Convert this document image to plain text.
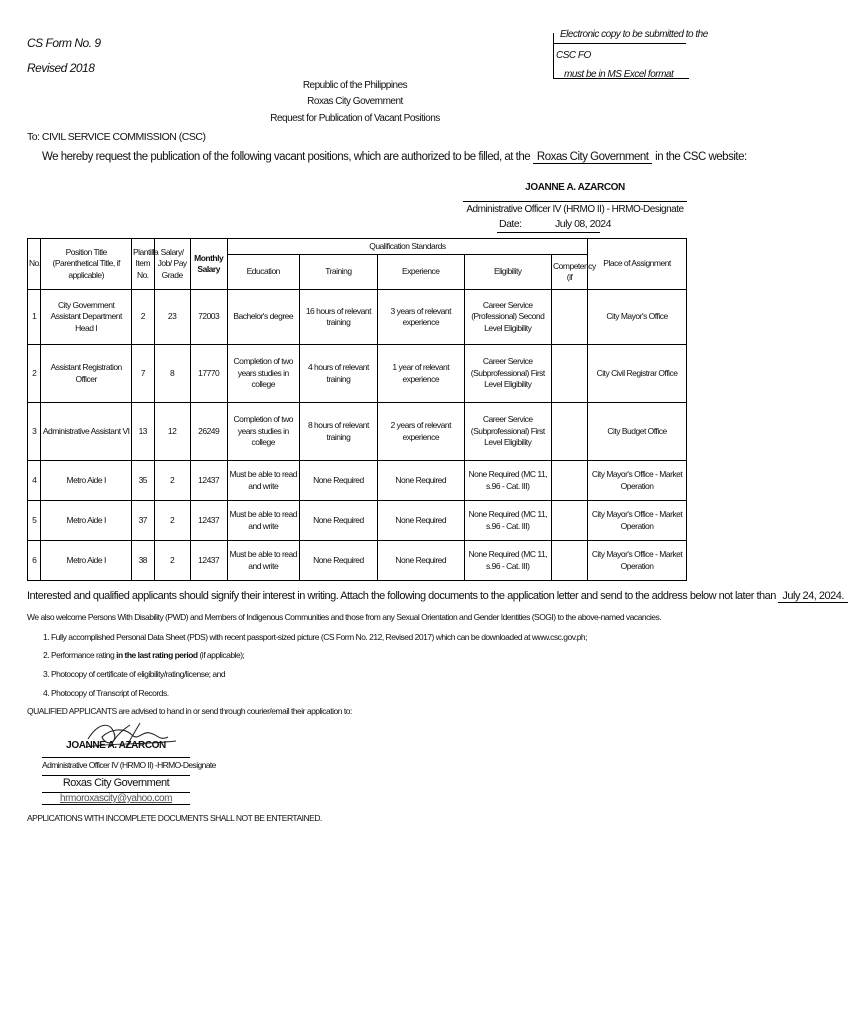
CS Form No. 9
Revised 2018
Electronic copy to be submitted to the
CSC FO
must be in MS Excel format
Republic of the Philippines
Roxas City Government
Request for Publication of Vacant Positions
To: CIVIL SERVICE COMMISSION (CSC)
We hereby request the publication of the following vacant positions, which are authorized to be filled, at the Roxas City Government in the CSC website:
JOANNE A. AZARCON
Administrative Officer IV (HRMO II) - HRMO-Designate
Date:	July 08, 2024
No.	Position Title (Parenthetical Title, if applicable)	Plantilla Item No.	Salary/ Job/ Pay Grade	Monthly Salary	Qualification Standards					Place of Assignment
					Education	Training	Experience	Eligibility	Competency (if	
1	City Government Assistant Department Head I	2	23	72003	Bachelor's degree	16 hours of relevant training	3 years of relevant experience	Career Service (Professional) Second Level Eligibility		City Mayor's Office
2	Assistant Registration Officer	7	8	17770	Completion of two years studies in college	4 hours of relevant training	1 year of relevant experience	Career Service (Subprofessional) First Level Eligibility		City Civil Registrar Office
3	Administrative Assistant VI	13	12	26249	Completion of two years studies in college	8 hours of relevant training	2 years of relevant experience	Career Service (Subprofessional) First Level Eligibility		City Budget Office
4	Metro Aide I	35	2	12437	Must be able to read and write	None Required	None Required	None Required (MC 11, s.96 - Cat. III)		City Mayor's Office - Market Operation
5	Metro Aide I	37	2	12437	Must be able to read and write	None Required	None Required	None Required (MC 11, s.96 - Cat. III)		City Mayor's Office - Market Operation
6	Metro Aide I	38	2	12437	Must be able to read and write	None Required	None Required	None Required (MC 11, s.96 - Cat. III)		City Mayor's Office - Market Operation
Interested and qualified applicants should signify their interest in writing. Attach the following documents to the application letter and send to the address below not later than July 24, 2024.
We also welcome Persons With Disability (PWD) and Members of Indigenous Communities and those from any Sexual Orientation and Gender Identities (SOGI) to the above-named vacancies.
1. Fully accomplished Personal Data Sheet (PDS) with recent passport-sized picture (CS Form No. 212, Revised 2017) which can be downloaded at www.csc.gov.ph;
2. Performance rating in the last rating period (if applicable);
3. Photocopy of certificate of eligibility/rating/license; and
4. Photocopy of Transcript of Records.
QUALIFIED APPLICANTS are advised to hand in or send through courier/email their application to:
JOANNE A. AZARCON
Administrative Officer IV (HRMO II) -HRMO-Designate
Roxas City Government
hrmoroxascity@yahoo.com
APPLICATIONS WITH INCOMPLETE DOCUMENTS SHALL NOT BE ENTERTAINED.
